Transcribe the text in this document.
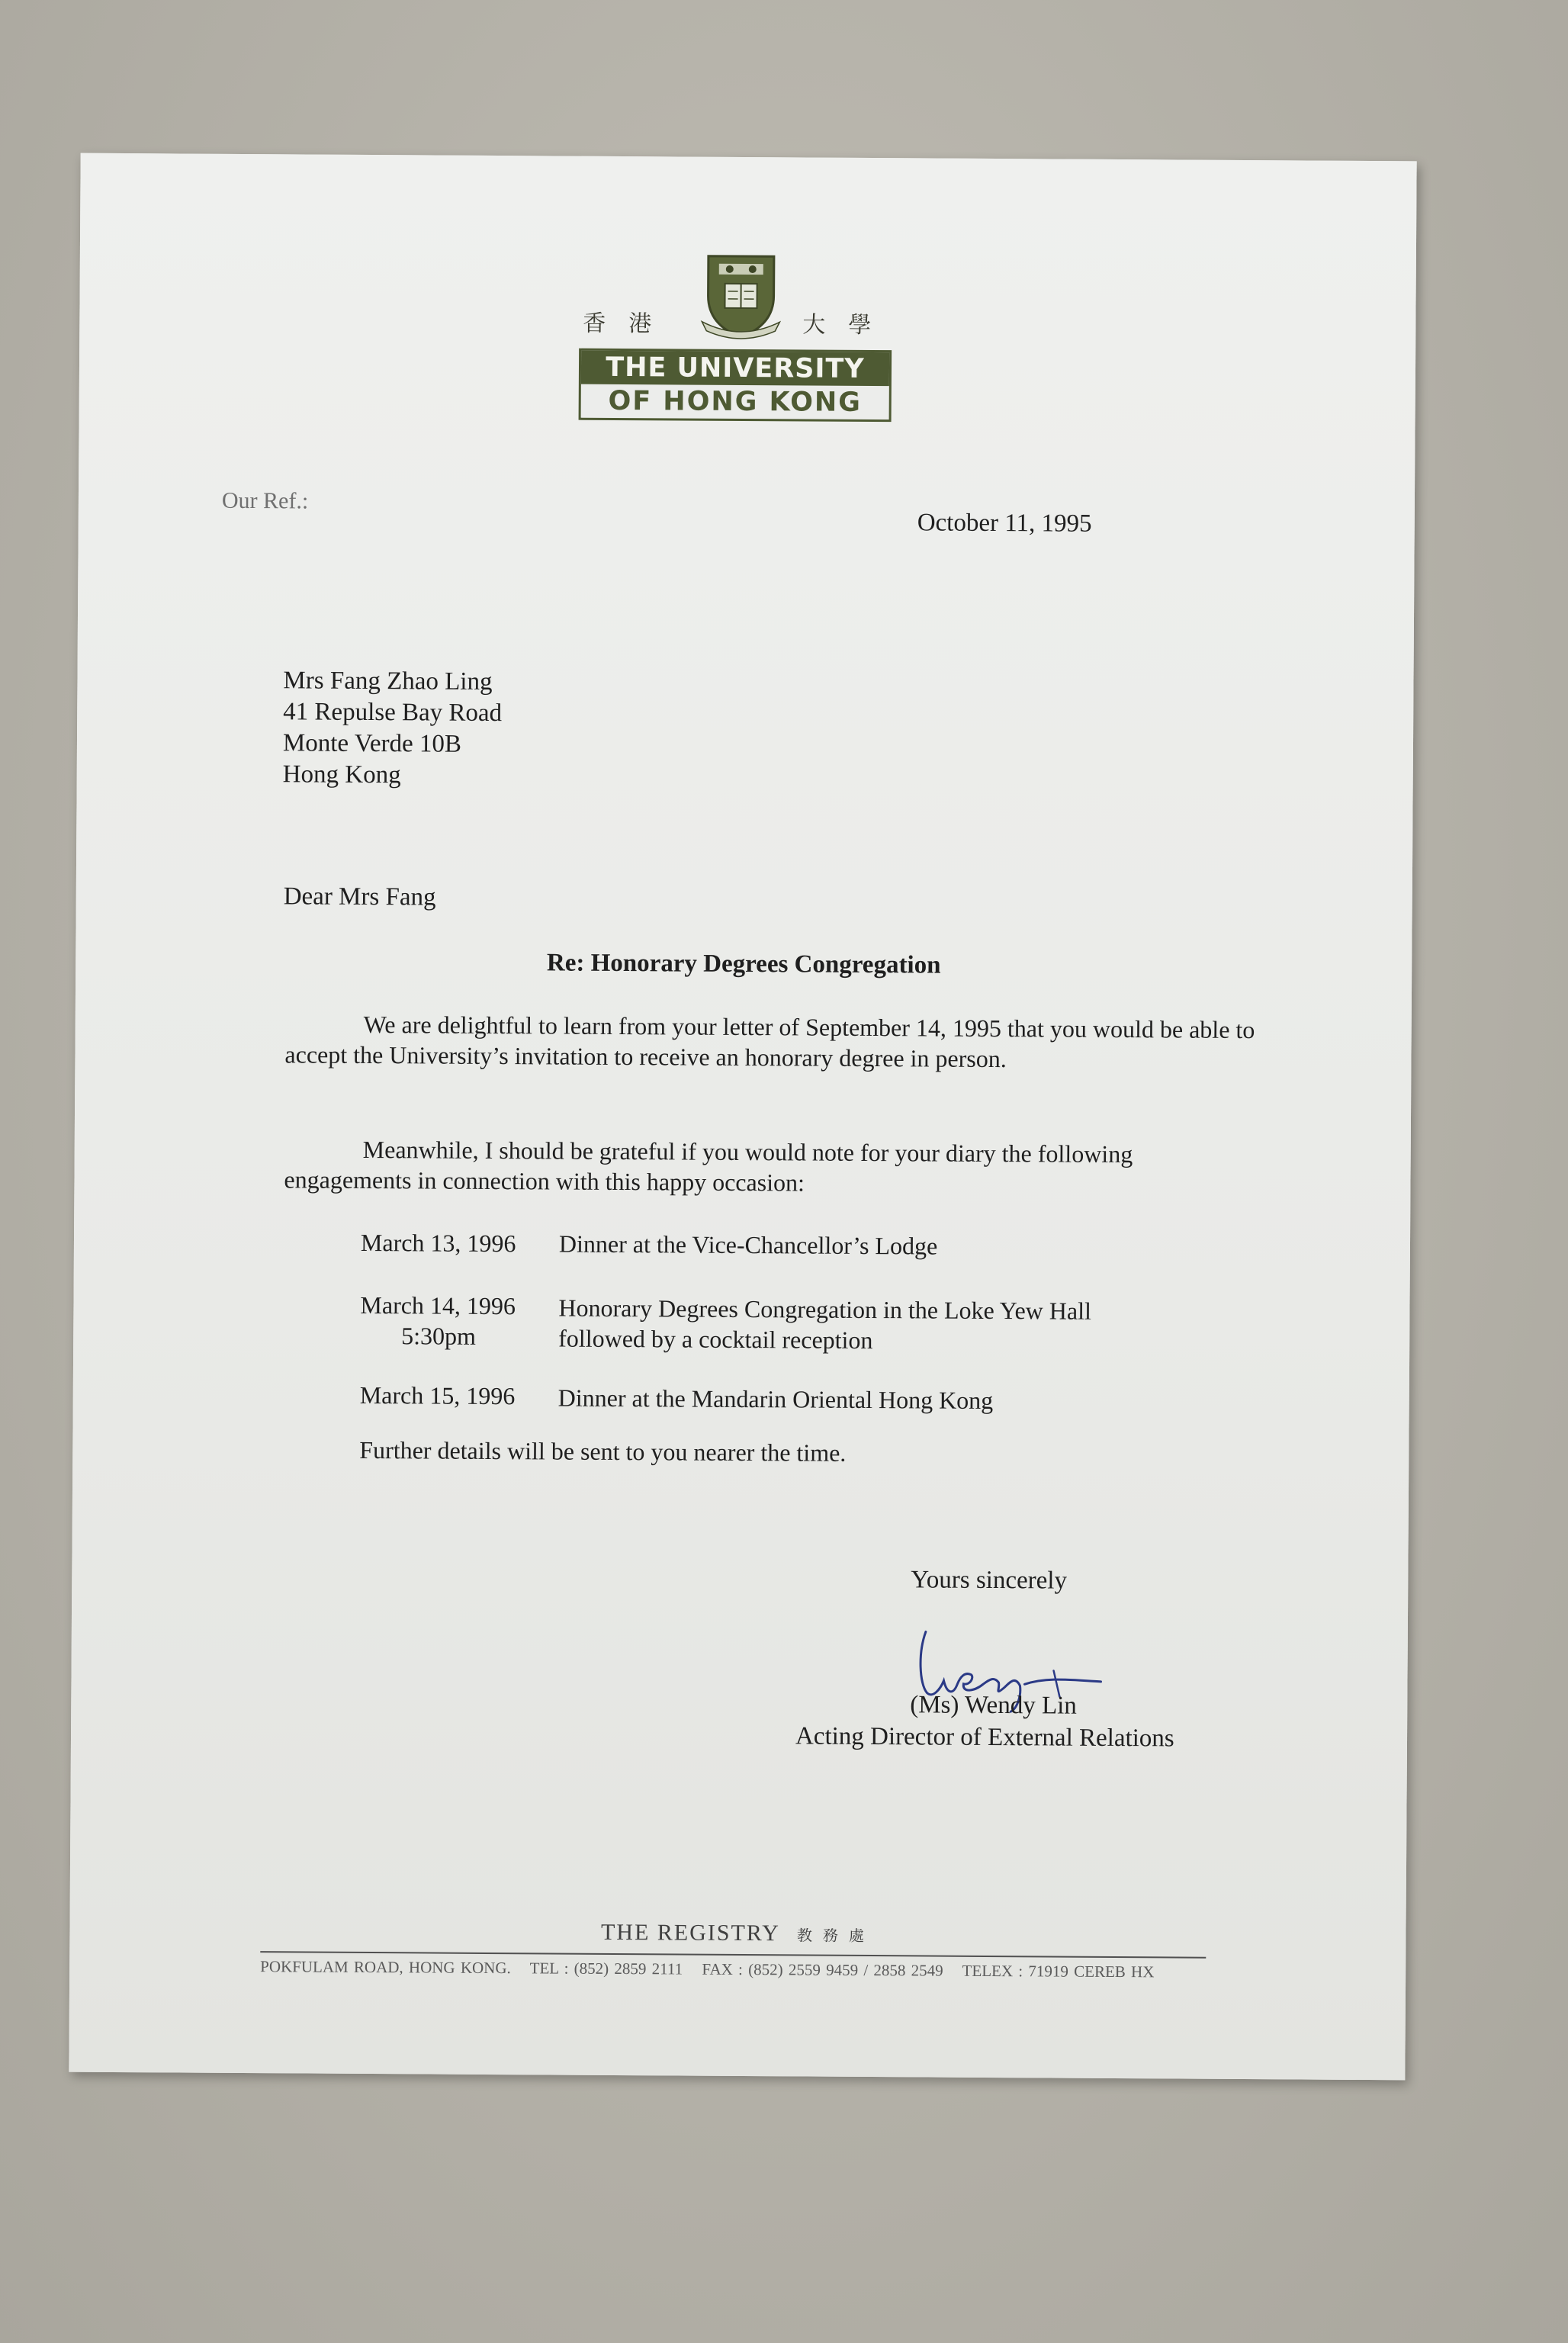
香港	大學
THE UNIVERSITY
OF HONG KONG
Our Ref.:
October 11, 1995
Mrs Fang Zhao Ling
41 Repulse Bay Road
Monte Verde 10B
Hong Kong
Dear Mrs Fang
Re: Honorary Degrees Congregation
We are delightful to learn from your letter of September 14, 1995 that you would be able to accept the University’s invitation to receive an honorary degree in person.
Meanwhile, I should be grateful if you would note for your diary the following engagements in connection with this happy occasion:
March 13, 1996 Dinner at the Vice-Chancellor’s Lodge
March 14, 1996
5:30pm
Honorary Degrees Congregation in the Loke Yew Hall
followed by a cocktail reception
March 15, 1996 Dinner at the Mandarin Oriental Hong Kong
Further details will be sent to you nearer the time.
Yours sincerely
(Ms) Wendy Lin
Acting Director of External Relations
THE REGISTRY 教務處
POKFULAM ROAD, HONG KONG. TEL : (852) 2859 2111 FAX : (852) 2559 9459 / 2858 2549 TELEX : 71919 CEREB HX
